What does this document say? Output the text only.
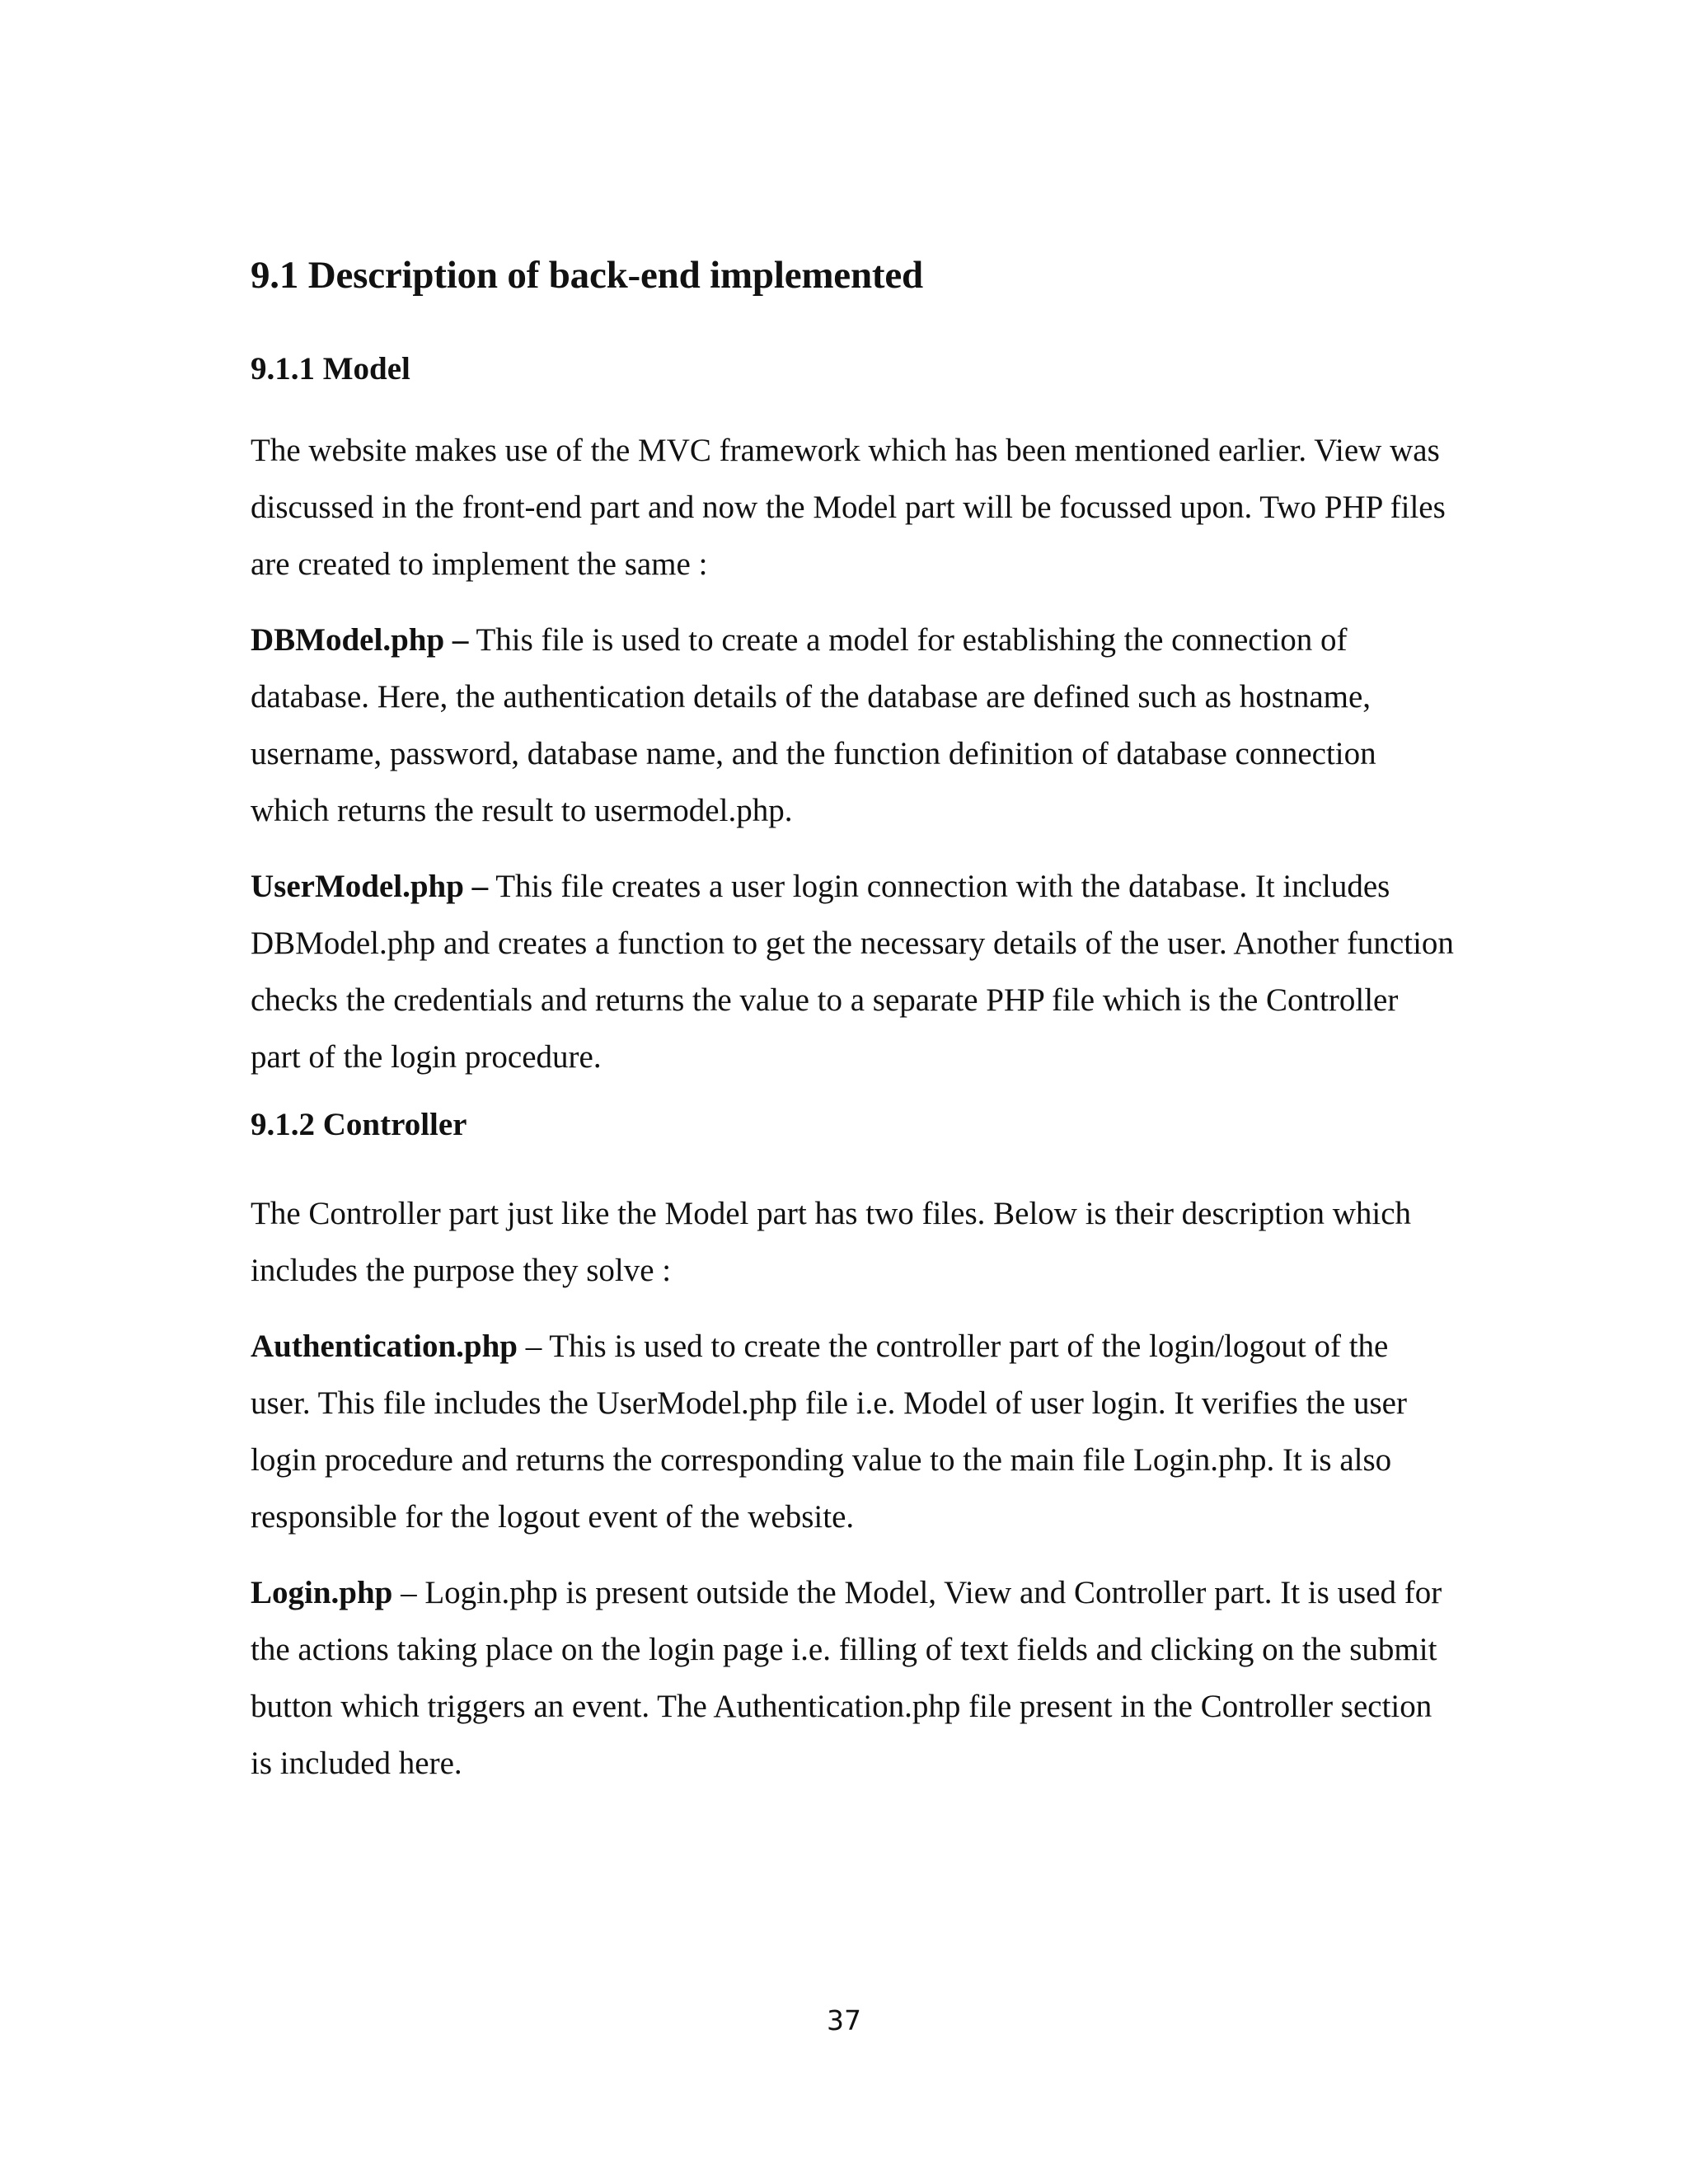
9.1 Description of back-end implemented
9.1.1 Model

The website makes use of the MVC framework which has been mentioned earlier. View was discussed in the front-end part and now the Model part will be focussed upon. Two PHP files are created to implement the same :

DBModel.php – This file is used to create a model for establishing the connection of database. Here, the authentication details of the database are defined such as hostname, username, password, database name, and the function definition of database connection which returns the result to usermodel.php.

UserModel.php – This file creates a user login connection with the database. It includes DBModel.php and creates a function to get the necessary details of the user. Another function checks the credentials and returns the value to a separate PHP file which is the Controller part of the login procedure.

9.1.2 Controller

The Controller part just like the Model part has two files. Below is their description which includes the purpose they solve :

Authentication.php – This is used to create the controller part of the login/logout of the user. This file includes the UserModel.php file i.e. Model of user login. It verifies the user login procedure and returns the corresponding value to the main file Login.php. It is also responsible for the logout event of the website.

Login.php – Login.php is present outside the Model, View and Controller part. It is used for the actions taking place on the login page i.e. filling of text fields and clicking on the submit button which triggers an event. The Authentication.php file present in the Controller section is included here.

37
